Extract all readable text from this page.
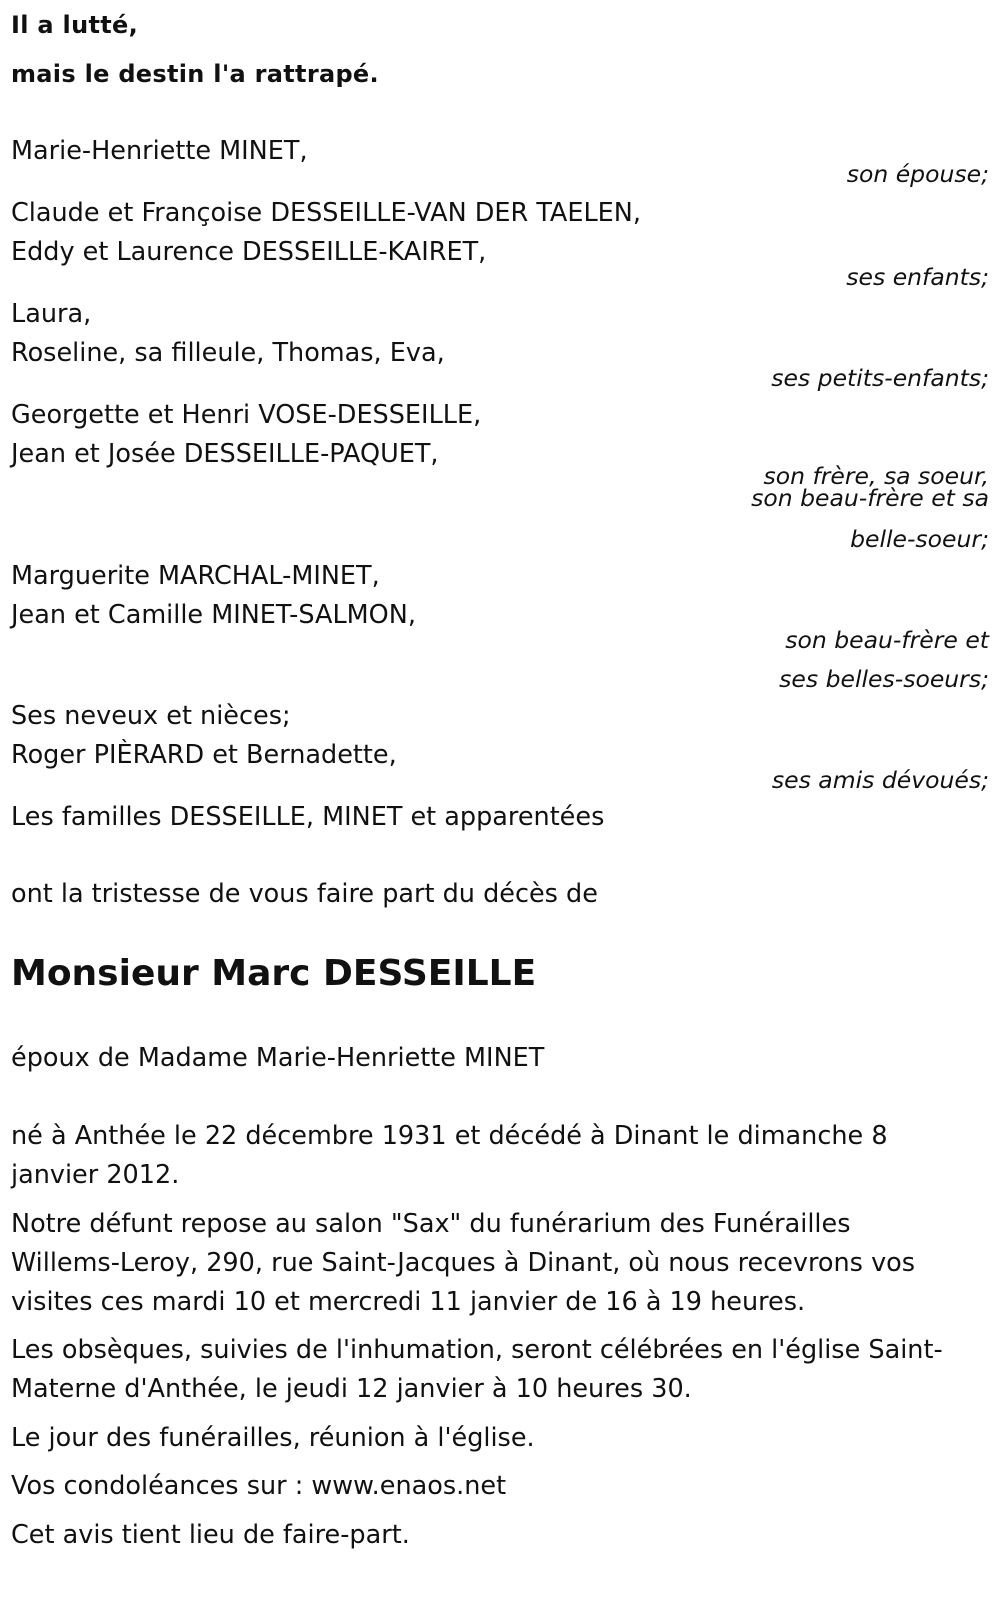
Il a lutté,

mais le destin l'a rattrapé.

Marie-Henriette MINET,

son épouse;

Claude et Françoise DESSEILLE-VAN DER TAELEN,

Eddy et Laurence DESSEILLE-KAIRET,

ses enfants;

Laura,

Roseline, sa filleule, Thomas, Eva,

ses petits-enfants;

Georgette et Henri VOSE-DESSEILLE,

Jean et Josée DESSEILLE-PAQUET,

son frère, sa soeur,

son beau-frère et sa

belle-soeur;

Marguerite MARCHAL-MINET,

Jean et Camille MINET-SALMON,

son beau-frère et

ses belles-soeurs;

Ses neveux et nièces;

Roger PIÈRARD et Bernadette,

ses amis dévoués;

Les familles DESSEILLE, MINET et apparentées

ont la tristesse de vous faire part du décès de

Monsieur Marc DESSEILLE

époux de Madame Marie-Henriette MINET

né à Anthée le 22 décembre 1931 et décédé à Dinant le dimanche 8

janvier 2012.

Notre défunt repose au salon "Sax" du funérarium des Funérailles

Willems-Leroy, 290, rue Saint-Jacques à Dinant, où nous recevrons vos

visites ces mardi 10 et mercredi 11 janvier de 16 à 19 heures.

Les obsèques, suivies de l'inhumation, seront célébrées en l'église Saint-

Materne d'Anthée, le jeudi 12 janvier à 10 heures 30.

Le jour des funérailles, réunion à l'église.

Vos condoléances sur : www.enaos.net

Cet avis tient lieu de faire-part.
